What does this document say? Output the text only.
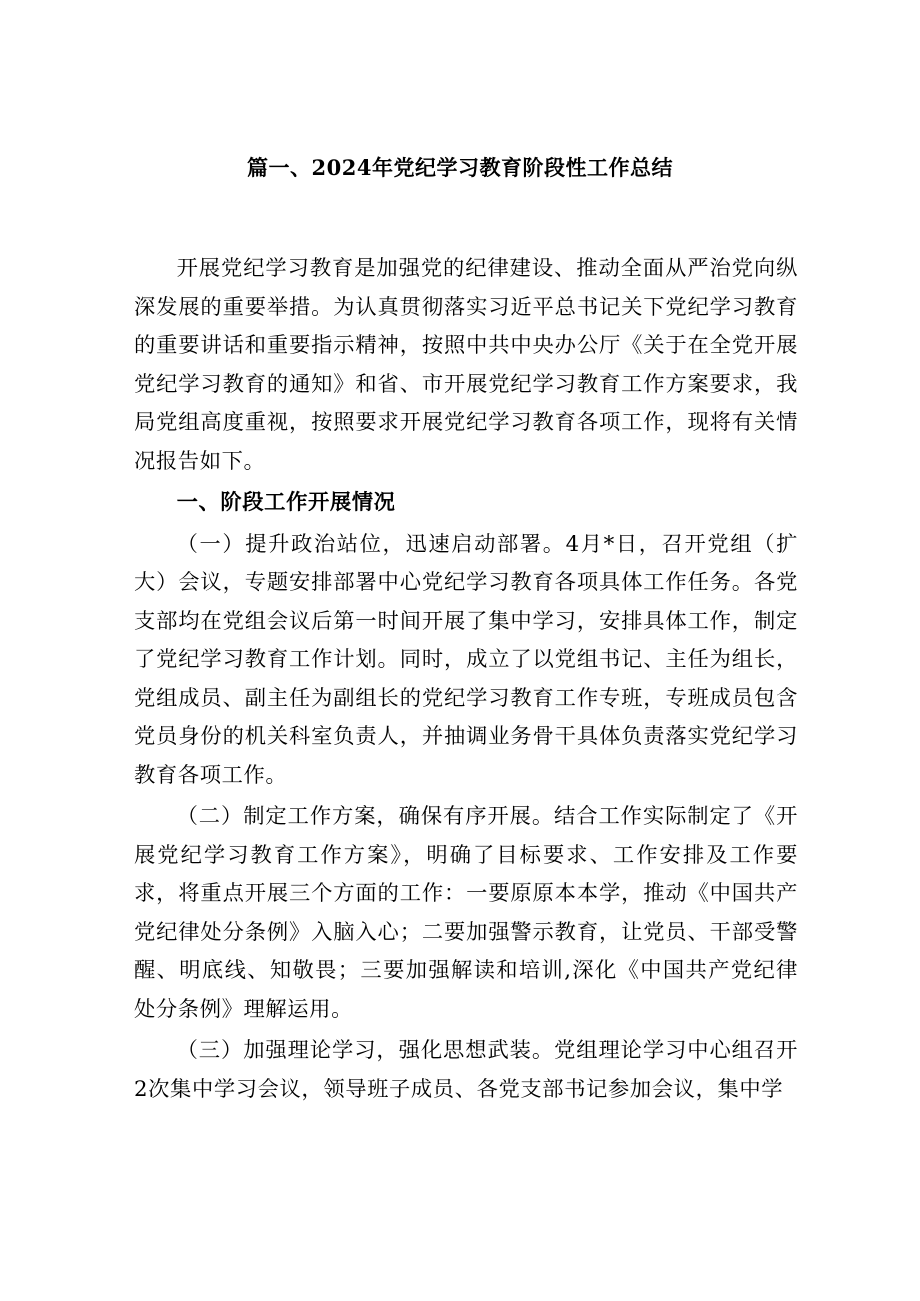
篇一、2024年党纪学习教育阶段性工作总结

开展党纪学习教育是加强党的纪律建设、推动全面从严治党向纵深发展的重要举措。为认真贯彻落实习近平总书记关下党纪学习教育的重要讲话和重要指示精神，按照中共中央办公厅《关于在全党开展党纪学习教育的通知》和省、市开展党纪学习教育工作方案要求，我局党组高度重视，按照要求开展党纪学习教育各项工作，现将有关情况报告如下。

一、阶段工作开展情况

（一）提升政治站位，迅速启动部署。4月*日，召开党组（扩大）会议，专题安排部署中心党纪学习教育各项具体工作任务。各党支部均在党组会议后第一时间开展了集中学习，安排具体工作，制定了党纪学习教育工作计划。同时，成立了以党组书记、主任为组长，党组成员、副主任为副组长的党纪学习教育工作专班，专班成员包含党员身份的机关科室负责人，并抽调业务骨干具体负责落实党纪学习教育各项工作。

（二）制定工作方案，确保有序开展。结合工作实际制定了《开展党纪学习教育工作方案》，明确了目标要求、工作安排及工作要求，将重点开展三个方面的工作：一要原原本本学，推动《中国共产党纪律处分条例》入脑入心；二要加强警示教育，让党员、干部受警醒、明底线、知敬畏；三要加强解读和培训,深化《中国共产党纪律处分条例》理解运用。

（三）加强理论学习，强化思想武装。党组理论学习中心组召开2次集中学习会议，领导班子成员、各党支部书记参加会议，集中学
